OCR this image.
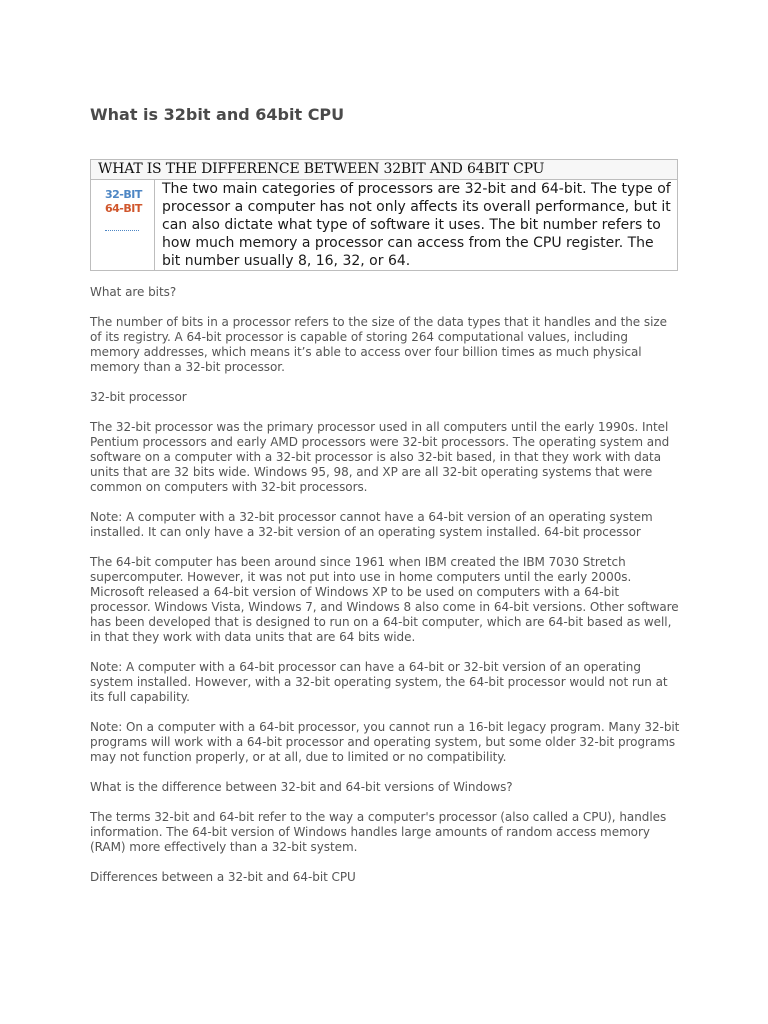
What is 32bit and 64bit CPU
WHAT IS THE DIFFERENCE BETWEEN 32BIT AND 64BIT CPU

32-BIT
64-BIT
	The two main categories of processors are 32-bit and 64-bit. The type of processor a computer has not only affects its overall performance, but it can also dictate what type of software it uses. The bit number refers to how much memory a processor can access from the CPU register. The bit number usually 8, 16, 32, or 64.

What are bits?

The number of bits in a processor refers to the size of the data types that it handles and the size of its registry. A 64-bit processor is capable of storing 264 computational values, including memory addresses, which means it’s able to access over four billion times as much physical memory than a 32-bit processor.

32-bit processor

The 32-bit processor was the primary processor used in all computers until the early 1990s. Intel Pentium processors and early AMD processors were 32-bit processors. The operating system and software on a computer with a 32-bit processor is also 32-bit based, in that they work with data units that are 32 bits wide. Windows 95, 98, and XP are all 32-bit operating systems that were common on computers with 32-bit processors.

Note: A computer with a 32-bit processor cannot have a 64-bit version of an operating system installed. It can only have a 32-bit version of an operating system installed. 64-bit processor

The 64-bit computer has been around since 1961 when IBM created the IBM 7030 Stretch supercomputer. However, it was not put into use in home computers until the early 2000s. Microsoft released a 64-bit version of Windows XP to be used on computers with a 64-bit processor. Windows Vista, Windows 7, and Windows 8 also come in 64-bit versions. Other software has been developed that is designed to run on a 64-bit computer, which are 64-bit based as well, in that they work with data units that are 64 bits wide.

Note: A computer with a 64-bit processor can have a 64-bit or 32-bit version of an operating system installed. However, with a 32-bit operating system, the 64-bit processor would not run at its full capability.

Note: On a computer with a 64-bit processor, you cannot run a 16-bit legacy program. Many 32-bit programs will work with a 64-bit processor and operating system, but some older 32-bit programs may not function properly, or at all, due to limited or no compatibility.

What is the difference between 32-bit and 64-bit versions of Windows?

The terms 32-bit and 64-bit refer to the way a computer's processor (also called a CPU), handles information. The 64-bit version of Windows handles large amounts of random access memory (RAM) more effectively than a 32-bit system.

Differences between a 32-bit and 64-bit CPU
